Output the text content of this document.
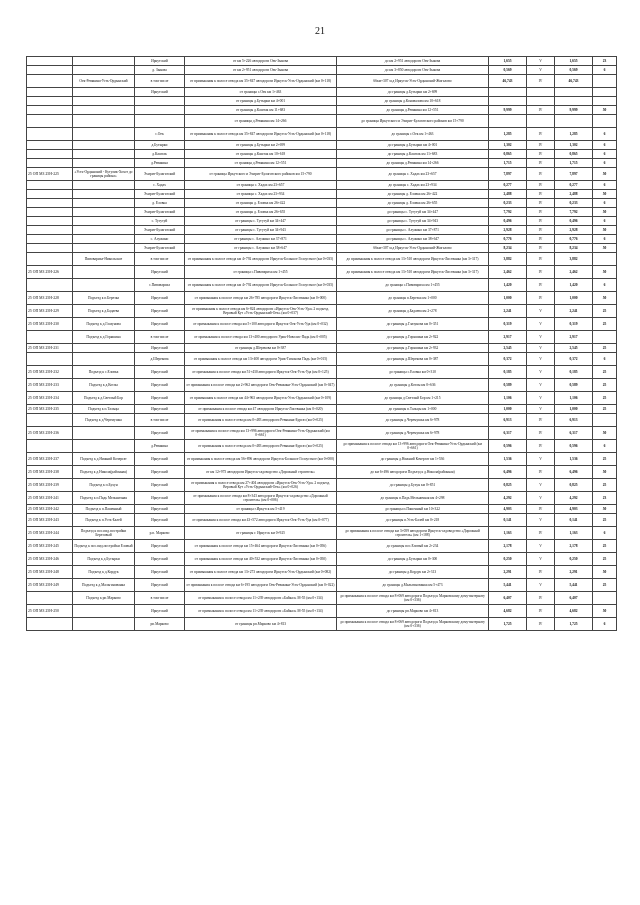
21
		Иркутский	от км 5+226 автодороги Оек-Зыкова	до км 2+951 автодороги Оек-Зыкова	1,655	V	1,655	23
		д. Зыкова	от км 2+951 автодороги Оек-Зыкова	до км 3+850 автодороги Оек-Зыкова	0,569	V	0,569	6
	Оек-Ревякина-Усть-Ордынский	в том числе	от примыкания к полосе отвода км 35+847 автодороги Иркутск-Усть-Ордынский (км 0+118)	66км+307 м.д Иркутск-Усть-Ордынский-Жигалово	46,743	IV	46,743	
		Иркутский	от границы с.Оек км 1+463	до границы д.Бутырки км 2+699				
			от границы д.Бутырки км 4+001	до границы д.Коновалова км 10+618				
			от границы д.Каштак км 11+683	до границы д.Ревякина км 12+551	9,999	IV	9,999	50
			от границы д.Ревякина км 14+266	до границы Иркутского и Эхирит-Булагатского районов км 15+790				
		с.Оек	от примыкания к полосе отвода км 35+847 автодороги Иркутск-Усть-Ордынский (км 0+118)	до границы с.Оек км 1+463	1,285	IV	1,285	6
		д.Бутырки	от границы д.Бутырки км 2+699	до границы д.Бутырки км 4+001	1,302	IV	1,302	6
		д.Каштак	от границы д.Каштак км 10+618	до границы д.Каштак км 11+683	0,865	IV	0,865	6
		д.Ревякина	от границы д.Ревякина км 12+551	до границы д.Ревякина км 14+266	1,715	IV	1,715	6
25 ОП МЗ 25Н-225	«Усть-Ордынский - Кутулик-Хохот до границы района»	Эхирит-Булагатский	от границы Иркутского и Эхирит-Булагатского районов км 15+790	до границы с. Хадах км 23+657	7,897	IV	7,897	50
		с. Хадах	от границы с. Хадах км 23+657	до границы с. Хадах км 23+934	0,277	IV	0,277	6
		Эхирит-Булагатский	от границы с. Хадах км 23+934	до границы д. Еловка км 26+422	2,488	IV	2,488	50
		д. Еловка	от границы д. Еловка км 26+422	до границы д. Еловка км 26+655	0,233	IV	0,233	6
		Эхирит-Булагатский	от границы д. Еловка км 26+655	до границы с. Тугутуй км 34+447	7,792	IV	7,792	50
		с. Тугутуй	от границы с. Тугутуй км 34+447	до границы с. Тугутуй км 34+943	0,496	IV	0,496	6
		Эхирит-Булагатский	от границы с. Тугутуй км 34+943	до границы с. Алужино км 37+871	2,928	IV	2,928	50
		с. Алужино	от границы с. Алужино км 37+871	до границы с. Алужино км 38+647	0,776	IV	0,776	6
		Эхирит-Булагатский	от границы с. Алужино км 38+647	66км+307 м.д Иркутск-Усть-Ордынский-Жигалово	8,234	IV	8,234	50
	Пивоварихa-Никольское	в том числе	от примыкания к полосе отвода км 4+792 автодороги Иркутск-Большое Голоустное (км 0+035)	до примыкания к полосе отвода км 13+510 автодороги Иркутск-Листвянка (км 3+317)	3,882	IV	3,882	
25 ОП МЗ 25Н-226		Иркутский	от границы с.Пивоварихa км 1+455	до примыкания к полосе отвода км 13+510 автодороги Иркутск-Листвянка (км 3+317)	2,462	IV	2,462	50
		с.Пивоварихa	от примыкания к полосе отвода км 4+792 автодороги Иркутск-Большое Голоустное (км 0+035)	до границы с.Пивоварихa км 1+455	1,420	IV	1,420	6
25 ОП МЗ 25Н-228	Подъезд к п.Березка	Иркутский	от примыкания к полосе отвода км 26+785 автодороги Иркутск-Листвянка (км 0+000)	до границы п.Березка км 1+000	1,000	IV	1,000	50
25 ОП МЗ 25Н-229	Подъезд к д.Бадаева	Иркутский	от примыкания к полосе отвода км 6+824 автодороги «Иркутск-Оек-Усть-Уда» 2 подъезд. Веровый Кут «Усть-Ордынский-Оек» (км 0+037)	до границы д.Бадаева км 2+278	2,241	V	2,241	25
25 ОП МЗ 25Н-230	Подъезд к д.Глазунова	Иркутский	от примыкания к полосе отвода км 5+100 автодороги Иркутск-Оек-Усть-Уда (км 0+032)	до границы д.Глазунова км 0+351	0,319	V	0,319	25
	Подъезд к д.Горяшина	в том числе	от примыкания к полосе отвода км 13+400 автодороги Урик-Новолис-Пядь (км 0+005)	до границы д.Горяшина км 2+922	2,917	V	2,917	
25 ОП МЗ 25Н-231		Иркутский	от границы д.Шерекова км 0+387	до границы д.Горяшина км 2+932	2,545	V	2,545	25
		д.Шерекова	от примыкания к полосе отвода км 13+400 автодороги Урик-Тихонова Падь (км 0+015)	до границы д.Шерекова км 0+387	0,372	V	0,372	6
25 ОП МЗ 25Н-232	Подъезд к с.Еловка	Иркутский	от примыкания к полосе отвода км 51+430 автодороги Иркутск-Оек-Усть-Уда (км 0+125)	до границы с.Еловка км 0+310	0,185	V	0,185	25
25 ОП МЗ 25Н-233	Подъезд к д.Котлы	Иркутский	от примыкания к полосе отвода км 2+962 автодороги Оек-Ревякина-Усть-Ордынский (км 0+047)	до границы д.Котлы км 0+636	0,589	V	0,589	25
25 ОП МЗ 25Н-234	Подъезд к д.Светлый Бор	Иркутский	от примыкания к полосе отвода км 44+963 автодороги Иркутск-Усть-Ордынский (км 0+109)	до границы д.Светлый Бор км 1+215	1,106	V	1,106	25
25 ОП МЗ 25Н-235	Подъезд к п.Тальцы	Иркутский	от примыкания к полосе отвода км 47 автодороги Иркутск-Листвянка (км 0+020)	до границы п.Тальцы км 1+000	1,000	V	1,000	25
	Подъезд к д.Черемушка	в том числе	от примыкания к полосе отвода км 0+483 автодороги Ревякина-Бургаз (км 0+025)	до границы д.Черемушка км 6+978	6,913	IV	6,913	
25 ОП МЗ 25Н-236		Иркутский	от примыкания к полосе отвода км 13+996 автодороги Оек-Ревякина-Усть-Ордынский (км 0+661)	до границы д.Черемушка км 6+978	6,317	IV	6,317	50
		д.Ревякина	от примыкания к полосе отвода км 0+483 автодороги Ревякина-Бургаз (км 0+025)	до примыкания к полосе отвода км 13+996 автодороги Оек-Ревякина-Усть-Ордынский (км 0+661)	0,596	IV	0,596	6
25 ОП МЗ 25Н-237	Подъезд к д.Нижний Кочергат	Иркутский	от примыкания к полосе отвода км 56+896 автодороги Иркутск-Большое Голоустное (км 0+000)	до границы д.Нижний Кочергат км 1+536	1,536	V	1,536	25
25 ОП МЗ 25Н-238	Подъезд к д.Никола(районная)	Иркутский	от км 12+975 автодороги Иркутск-садоводство «Дорожный строитель»	до км 6+496 автодороги Подъезд к д.Никола(районная)	6,496	IV	6,496	50
25 ОП МЗ 25Н-239	Подъезд к п.Бухун	Иркутский	от примыкания к полосе отвода км 27+404 автодороги «Иркутск-Оек-Усть-Уда» 2 подъезд. Веровый Кут «Усть-Ордынский-Оек» (км 0+026)	до границы д.Бухун км 0+851	0,825	V	0,825	25
25 ОП МЗ 25Н-241	Подъезд к п.Падь Мельничная	Иркутский	от примыкания к полосе отвода км 8+343 автодороги Иркутск-садоводство «Дорожный строитель» (км 0+006)	до границы п.Падь Мельничная км 4+298	4,292	V	4,292	23
25 ОП МЗ 25Н-242	Подъезд к п.Пашенный	Иркутский	от границы г.Иркутск км 5+419	до границы п.Пашенный км 10+322	4,903	IV	4,903	50
25 ОП МЗ 25Н-243	Подъезд к п.Усть-Балей	Иркутский	от примыкания к полосе отвода км 43+572 автодороги Иркутск-Оек-Усть-Уда (км 0+077)	до границы п.Усть-Балей км 0+218	0,141	V	0,141	25
25 ОП МЗ 25Н-244	Подъезд к пос.пид.постройки Березовый	р.п. Марково	от границы г. Иркутск км 0+925	до примыкания к полосе отвода км 3+059 автодороги Иркутск-садоводство «Дорожный строитель» (км 1+188)	1,163	IV	1,163	6
25 ОП МЗ 25Н-245	Подъезд к пос.пид.постройки Еловый	Иркутский	от примыкания к полосе отвода км 15+464 автодороги Иркутск-Листвянка (км 0+056)	до границы пос.Еловый км 2+234	2,178	V	2,178	25
25 ОП МЗ 25Н-246	Подъезд к д.Бутырки	Иркутский	от примыкания к полосе отвода км 40+532 автодороги Иркутск-Листвянка (км 0+050)	до границы д.Бутырки км 0+300	0,250	V	0,250	25
25 ОП МЗ 25Н-248	Подъезд к д.Кордук	Иркутский	от примыкания к полосе отвода км 13+273 автодороги Иркутск-Усть-Ордынский (км 0+082)	до границы д.Кордук км 2+313	2,291	IV	2,291	50
25 ОП МЗ 25Н-249	Подъезд к д.Мальгинованка	Иркутский	от примыкания к полосе отвода км 6+195 автодороги Оек-Ревякина-Усть-Ордынский (км 0+022)	до границы д.Мальгинованка км 5+473	5,441	V	5,441	25
	Подъезд к рп.Марково	в том числе	от примыкания к полосе отвода км 11+239 автодороги «Байкал» М-55 (км 0+134)	до примыкания к полосе отвода км 8+069 автодороги Подъезд к Марковскому дому-интернату (км 0+336)	6,407	IV	6,407	
25 ОП МЗ 25Н-250		Иркутский	от примыкания к полосе отвода км 11+239 автодороги «Байкал» М-55 (км 0+134)	до границы рп.Марково км 4+813	4,682	IV	4,682	50
		рп.Марково	от границы рп.Марково км 4+813	до примыкания к полосе отвода км 8+069 автодороги Подъезд к Марковскому дому-интернату (км 0+336)	1,725	IV	1,725	6
